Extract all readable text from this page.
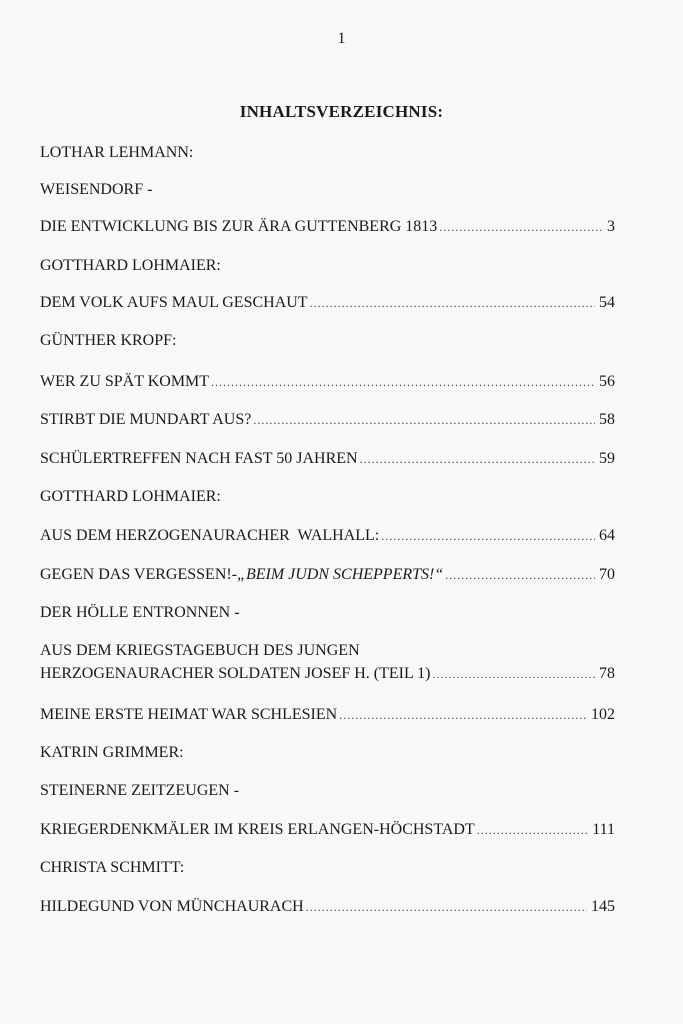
1
INHALTSVERZEICHNIS:
LOTHAR LEHMANN:
WEISENDORF -
DIE ENTWICKLUNG BIS ZUR ÄRA GUTTENBERG 1813 .....	3
GOTTHARD LOHMAIER:
DEM VOLK AUFS MAUL GESCHAUT .....	54
GÜNTHER KROPF:
WER ZU SPÄT KOMMT .....	56
STIRBT DIE MUNDART AUS? .....	58
SCHÜLERTREFFEN NACH FAST 50 JAHREN .....	59
GOTTHARD LOHMAIER:
AUS DEM HERZOGENAURACHER  WALHALL: .....	64
GEGEN DAS VERGESSEN!- „BEIM JUDN SCHEPPERTS!“ .....	70
DER HÖLLE ENTRONNEN -
AUS DEM KRIEGSTAGEBUCH DES JUNGEN
HERZOGENAURACHER SOLDATEN JOSEF H. (TEIL 1) .....	78
MEINE ERSTE HEIMAT WAR SCHLESIEN .....	102
KATRIN GRIMMER:
STEINERNE ZEITZEUGEN -
KRIEGERDENKMÄLER IM KREIS ERLANGEN-HÖCHSTADT .....	111
CHRISTA SCHMITT:
HILDEGUND VON MÜNCHAURACH .....	145
